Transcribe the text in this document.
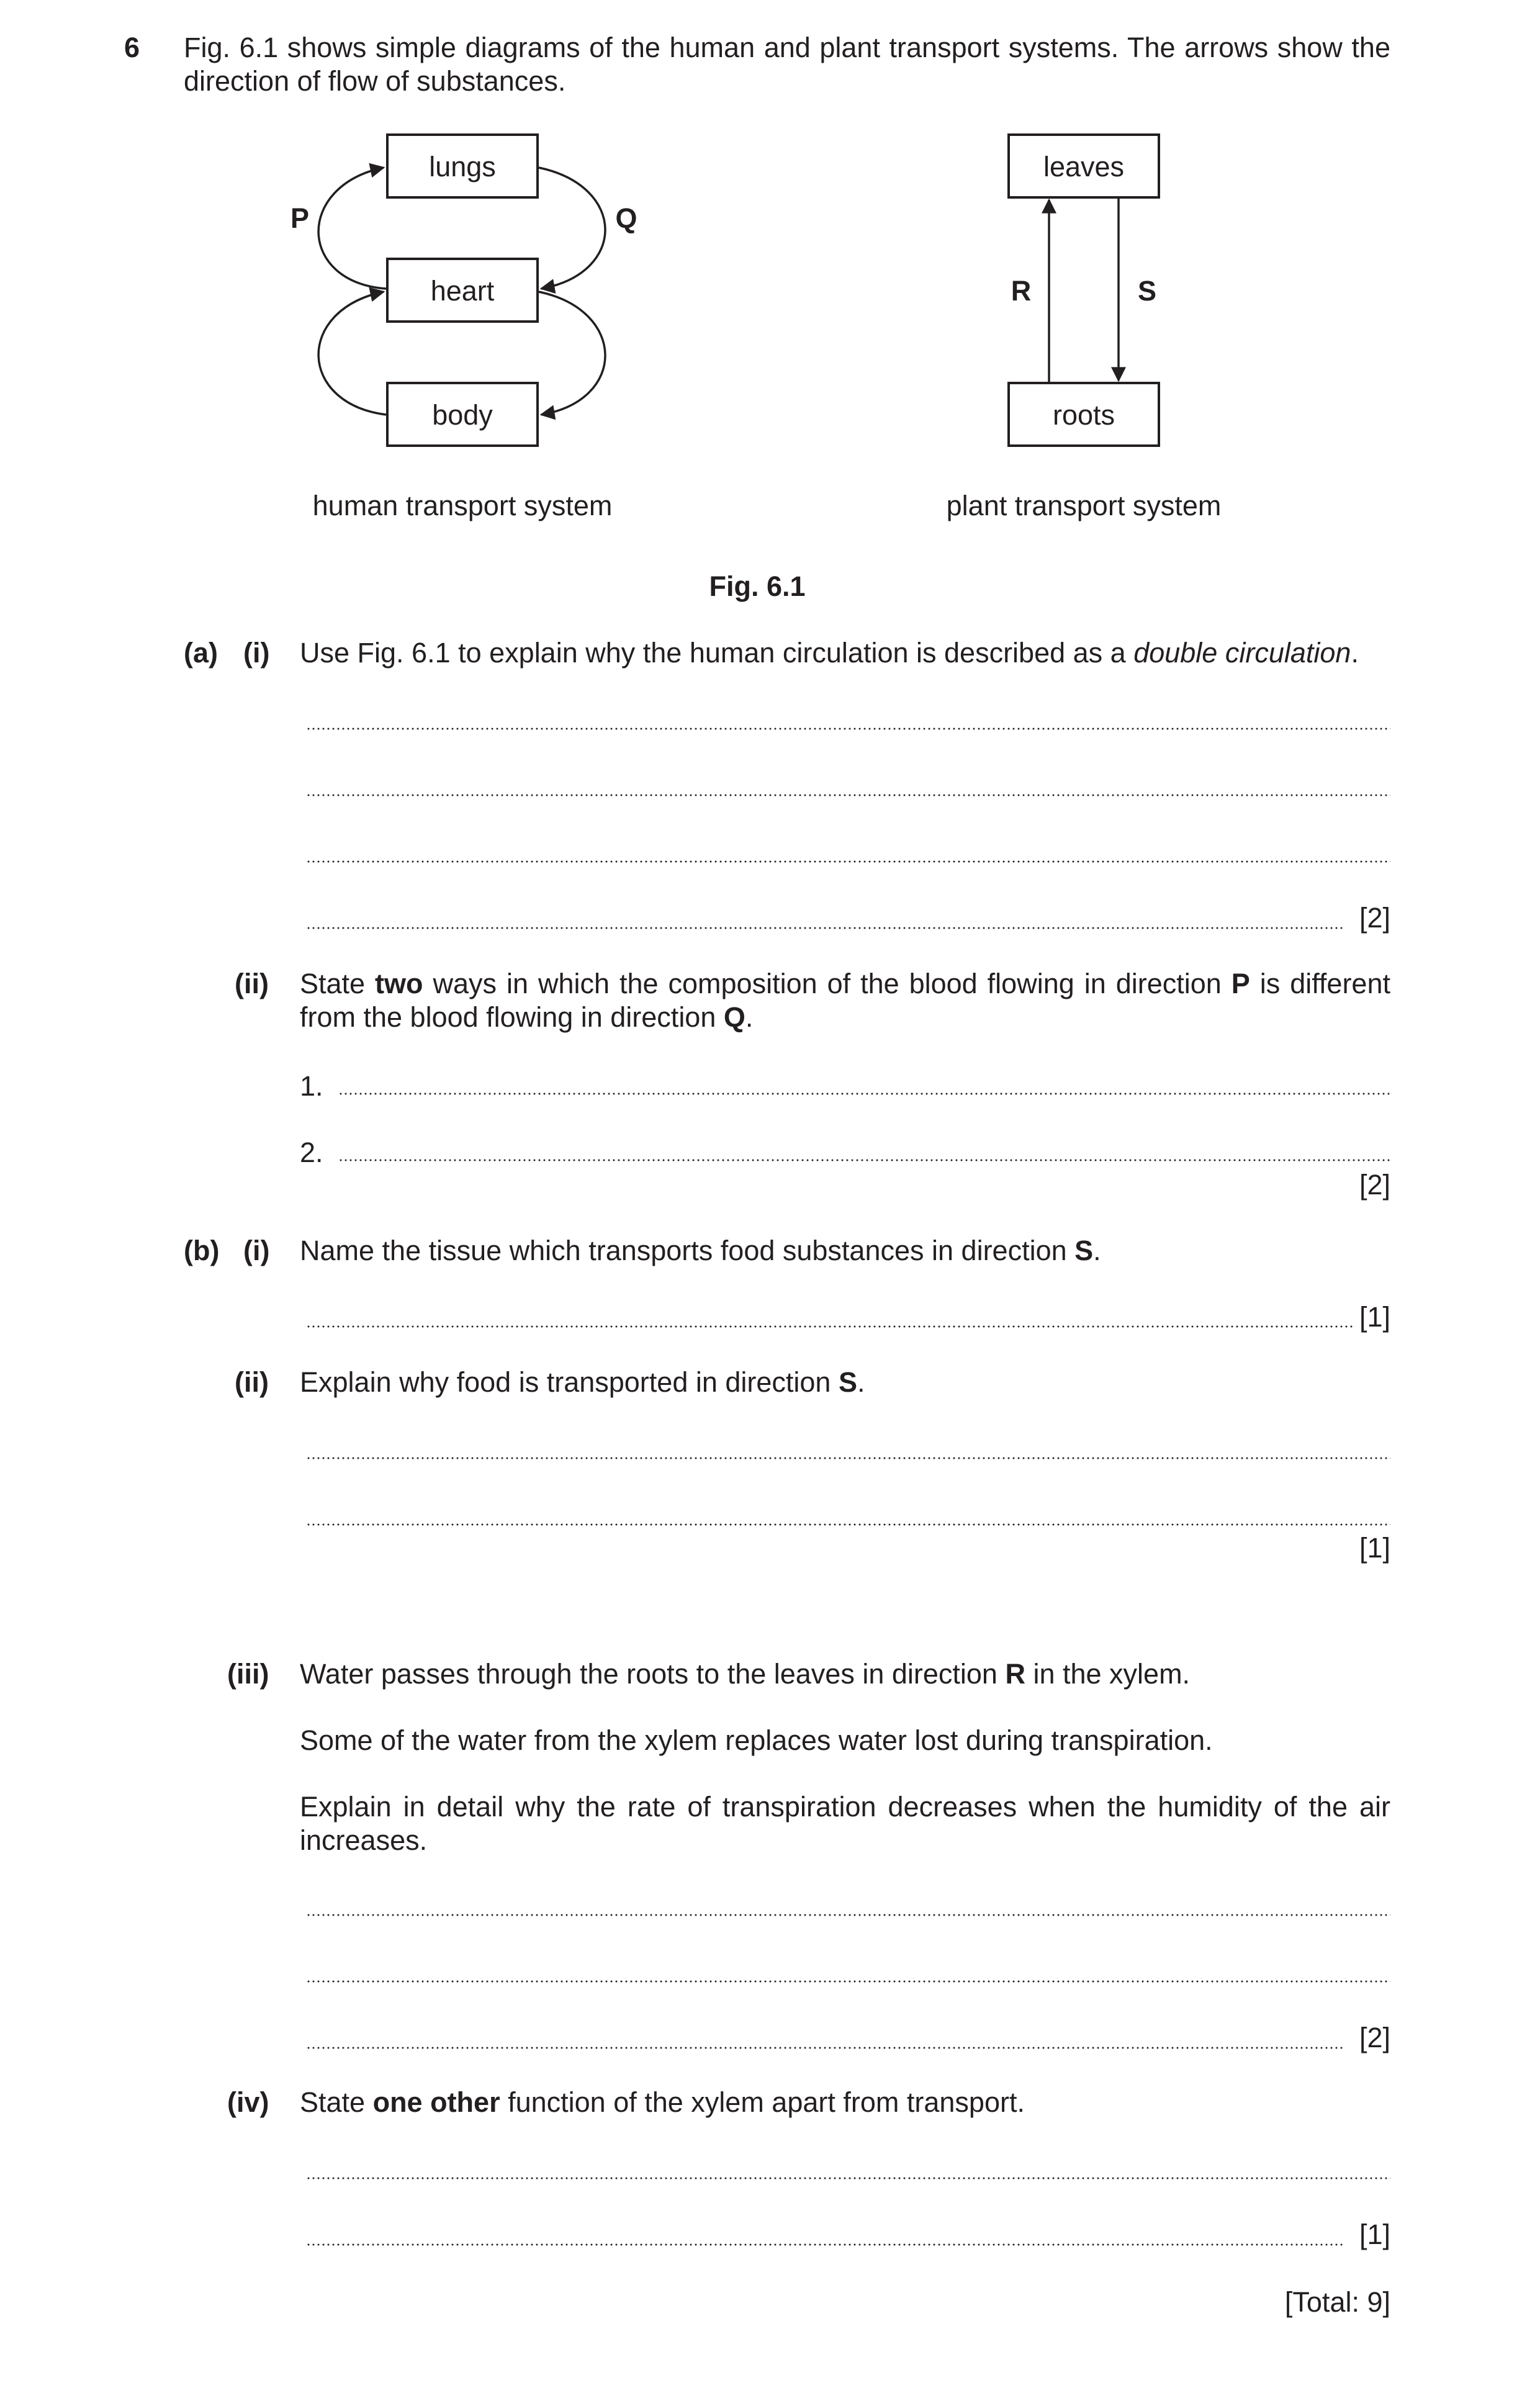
6 Fig. 6.1 shows simple diagrams of the human and plant transport systems. The arrows show the direction of flow of substances.
lungs
heart
body
P	Q
leaves
roots
R	S
human transport system	plant transport system
Fig. 6.1
(a) (i) Use Fig. 6.1 to explain why the human circulation is described as a double circulation.
[2]
(ii) State two ways in which the composition of the blood flowing in direction P is different from the blood flowing in direction Q.
1.
2.
[2]
(b) (i) Name the tissue which transports food substances in direction S.
[1]
(ii) Explain why food is transported in direction S.
[1]
(iii) Water passes through the roots to the leaves in direction R in the xylem.
Some of the water from the xylem replaces water lost during transpiration.
Explain in detail why the rate of transpiration decreases when the humidity of the air increases.
[2]
(iv) State one other function of the xylem apart from transport.
[1]
[Total: 9]
